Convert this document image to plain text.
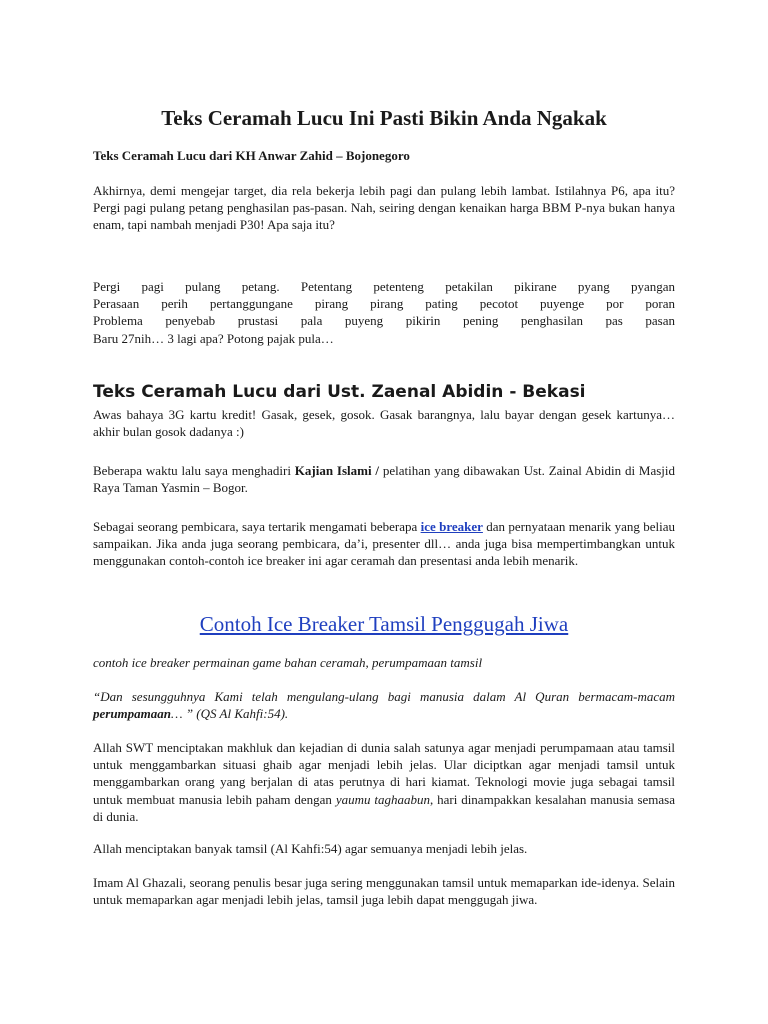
Teks Ceramah Lucu Ini Pasti Bikin Anda Ngakak
Teks Ceramah Lucu dari KH Anwar Zahid – Bojonegoro

Akhirnya, demi mengejar target, dia rela bekerja lebih pagi dan pulang lebih lambat. Istilahnya P6, apa itu? Pergi pagi pulang petang penghasilan pas-pasan. Nah, seiring dengan kenaikan harga BBM P-nya bukan hanya enam, tapi nambah menjadi P30! Apa saja itu?

Pergi pagi pulang petang. Petentang petenteng petakilan pikirane pyang pyangan
Perasaan perih pertanggungane pirang pirang pating pecotot puyenge por poran
Problema penyebab prustasi pala puyeng pikirin pening penghasilan pas pasan
Baru 27nih… 3 lagi apa? Potong pajak pula…

Teks Ceramah Lucu dari Ust. Zaenal Abidin - Bekasi

Awas bahaya 3G kartu kredit! Gasak, gesek, gosok. Gasak barangnya, lalu bayar dengan gesek kartunya… akhir bulan gosok dadanya :)

Beberapa waktu lalu saya menghadiri Kajian Islami / pelatihan yang dibawakan Ust. Zainal Abidin di Masjid Raya Taman Yasmin – Bogor.

Sebagai seorang pembicara, saya tertarik mengamati beberapa ice breaker dan pernyataan menarik yang beliau sampaikan. Jika anda juga seorang pembicara, da’i, presenter dll… anda juga bisa mempertimbangkan untuk menggunakan contoh-contoh ice breaker ini agar ceramah dan presentasi anda lebih menarik.

Contoh Ice Breaker Tamsil Penggugah Jiwa

contoh ice breaker permainan game bahan ceramah, perumpamaan tamsil

“Dan sesungguhnya Kami telah mengulang-ulang bagi manusia dalam Al Quran bermacam-macam perumpamaan… ” (QS Al Kahfi:54).

Allah SWT menciptakan makhluk dan kejadian di dunia salah satunya agar menjadi perumpamaan atau tamsil untuk menggambarkan situasi ghaib agar menjadi lebih jelas. Ular diciptkan agar menjadi tamsil untuk menggambarkan orang yang berjalan di atas perutnya di hari kiamat. Teknologi movie juga sebagai tamsil untuk membuat manusia lebih paham dengan yaumu taghaabun, hari dinampakkan kesalahan manusia semasa di dunia.

Allah menciptakan banyak tamsil (Al Kahfi:54) agar semuanya menjadi lebih jelas.

Imam Al Ghazali, seorang penulis besar juga sering menggunakan tamsil untuk memaparkan ide-idenya. Selain untuk memaparkan agar menjadi lebih jelas, tamsil juga lebih dapat menggugah jiwa.
